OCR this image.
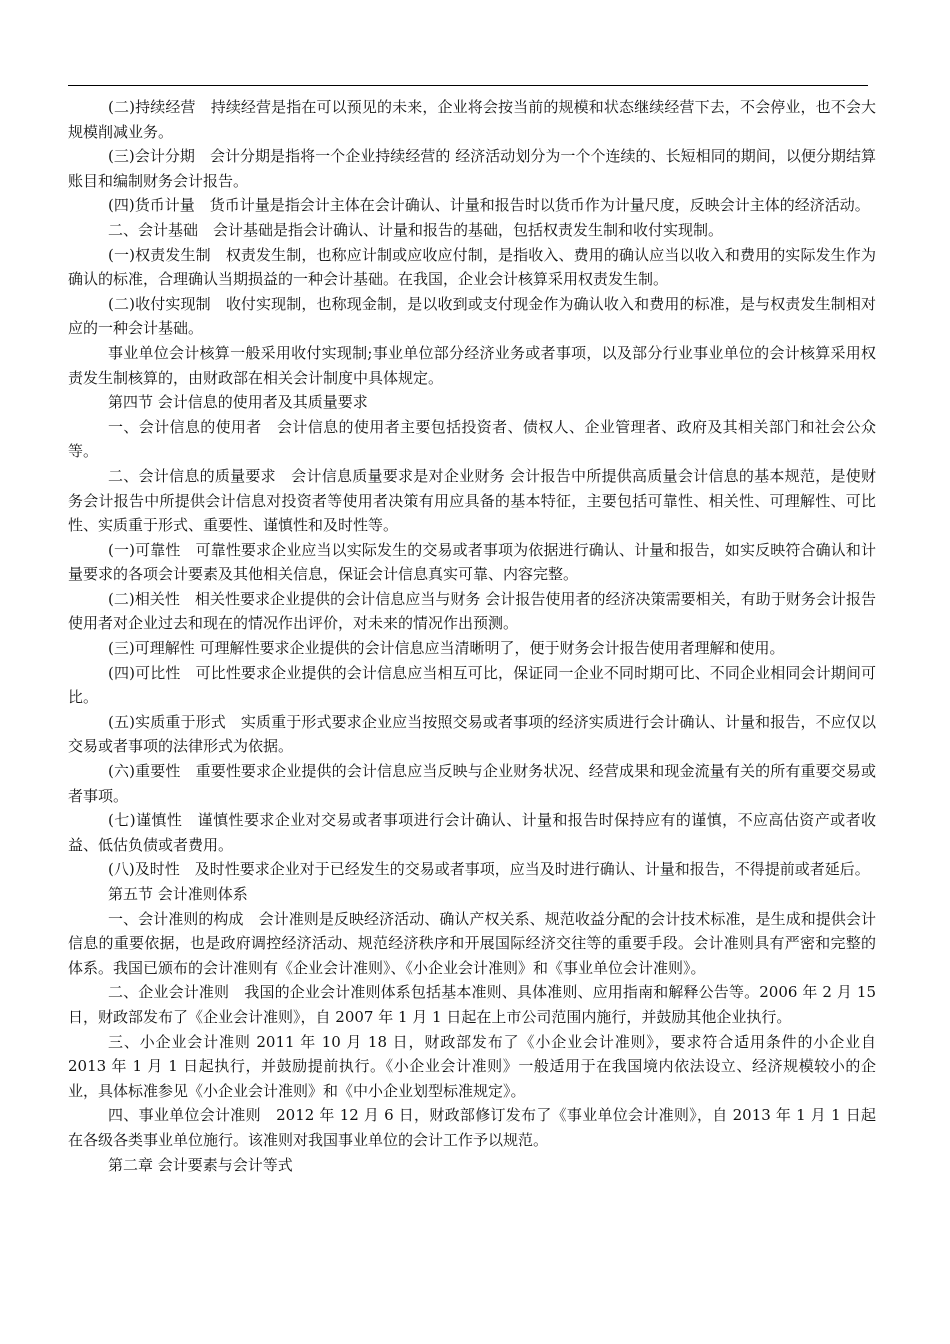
(二)持续经营　持续经营是指在可以预见的未来，企业将会按当前的规模和状态继续经营下去，不会停业，也不会大规模削减业务。

(三)会计分期　会计分期是指将一个企业持续经营的 经济活动划分为一个个连续的、长短相同的期间，以便分期结算账目和编制财务会计报告。

(四)货币计量　货币计量是指会计主体在会计确认、计量和报告时以货币作为计量尺度，反映会计主体的经济活动。

二、会计基础　会计基础是指会计确认、计量和报告的基础，包括权责发生制和收付实现制。

(一)权责发生制　权责发生制，也称应计制或应收应付制，是指收入、费用的确认应当以收入和费用的实际发生作为确认的标准，合理确认当期损益的一种会计基础。在我国，企业会计核算采用权责发生制。

(二)收付实现制　收付实现制，也称现金制，是以收到或支付现金作为确认收入和费用的标准，是与权责发生制相对应的一种会计基础。

事业单位会计核算一般采用收付实现制;事业单位部分经济业务或者事项，以及部分行业事业单位的会计核算采用权责发生制核算的，由财政部在相关会计制度中具体规定。

第四节 会计信息的使用者及其质量要求

一、会计信息的使用者　会计信息的使用者主要包括投资者、债权人、企业管理者、政府及其相关部门和社会公众等。

二、会计信息的质量要求　会计信息质量要求是对企业财务 会计报告中所提供高质量会计信息的基本规范，是使财务会计报告中所提供会计信息对投资者等使用者决策有用应具备的基本特征，主要包括可靠性、相关性、可理解性、可比性、实质重于形式、重要性、谨慎性和及时性等。

(一)可靠性　可靠性要求企业应当以实际发生的交易或者事项为依据进行确认、计量和报告，如实反映符合确认和计量要求的各项会计要素及其他相关信息，保证会计信息真实可靠、内容完整。

(二)相关性　相关性要求企业提供的会计信息应当与财务 会计报告使用者的经济决策需要相关，有助于财务会计报告使用者对企业过去和现在的情况作出评价，对未来的情况作出预测。

(三)可理解性 可理解性要求企业提供的会计信息应当清晰明了，便于财务会计报告使用者理解和使用。

(四)可比性　可比性要求企业提供的会计信息应当相互可比，保证同一企业不同时期可比、不同企业相同会计期间可比。

(五)实质重于形式　实质重于形式要求企业应当按照交易或者事项的经济实质进行会计确认、计量和报告，不应仅以交易或者事项的法律形式为依据。

(六)重要性　重要性要求企业提供的会计信息应当反映与企业财务状况、经营成果和现金流量有关的所有重要交易或者事项。

(七)谨慎性　谨慎性要求企业对交易或者事项进行会计确认、计量和报告时保持应有的谨慎，不应高估资产或者收益、低估负债或者费用。

(八)及时性　及时性要求企业对于已经发生的交易或者事项，应当及时进行确认、计量和报告，不得提前或者延后。

第五节 会计准则体系

一、会计准则的构成　会计准则是反映经济活动、确认产权关系、规范收益分配的会计技术标准，是生成和提供会计信息的重要依据，也是政府调控经济活动、规范经济秩序和开展国际经济交往等的重要手段。会计准则具有严密和完整的体系。我国已颁布的会计准则有《企业会计准则》、《小企业会计准则》和《事业单位会计准则》。

二、企业会计准则　我国的企业会计准则体系包括基本准则、具体准则、应用指南和解释公告等。2006 年 2 月 15 日，财政部发布了《企业会计准则》，自 2007 年 1 月 1 日起在上市公司范围内施行，并鼓励其他企业执行。

三、小企业会计准则 2011 年 10 月 18 日，财政部发布了《小企业会计准则》，要求符合适用条件的小企业自 2013 年 1 月 1 日起执行，并鼓励提前执行。《小企业会计准则》一般适用于在我国境内依法设立、经济规模较小的企业，具体标准参见《小企业会计准则》和《中小企业划型标准规定》。

四、事业单位会计准则　2012 年 12 月 6 日，财政部修订发布了《事业单位会计准则》，自 2013 年 1 月 1 日起在各级各类事业单位施行。该准则对我国事业单位的会计工作予以规范。

第二章 会计要素与会计等式
